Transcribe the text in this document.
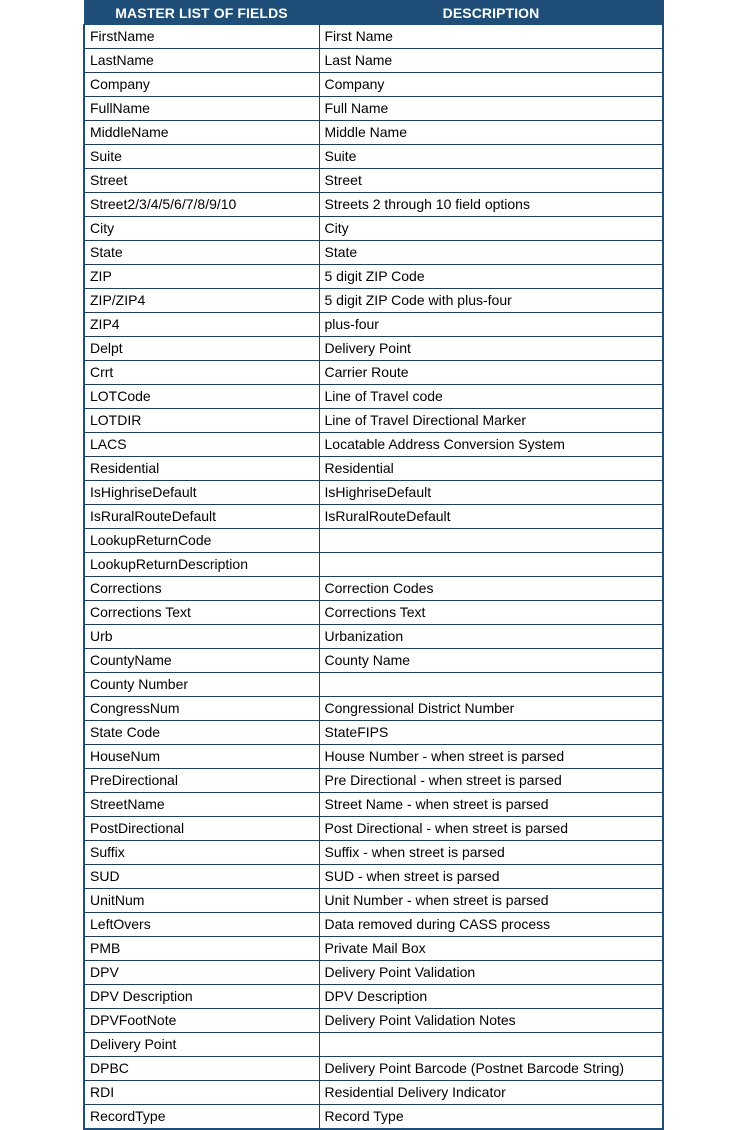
MASTER LIST OF FIELDS	DESCRIPTION
FirstName	First Name
LastName	Last Name
Company	Company
FullName	Full Name
MiddleName	Middle Name
Suite	Suite
Street	Street
Street2/3/4/5/6/7/8/9/10	Streets 2 through 10 field options
City	City
State	State
ZIP	5 digit ZIP Code
ZIP/ZIP4	5 digit ZIP Code with plus-four
ZIP4	plus-four
Delpt	Delivery Point
Crrt	Carrier Route
LOTCode	Line of Travel code
LOTDIR	Line of Travel Directional Marker
LACS	Locatable Address Conversion System
Residential	Residential
IsHighriseDefault	IsHighriseDefault
IsRuralRouteDefault	IsRuralRouteDefault
LookupReturnCode	
LookupReturnDescription	
Corrections	Correction Codes
Corrections Text	Corrections Text
Urb	Urbanization
CountyName	County Name
County Number	
CongressNum	Congressional District Number
State Code	StateFIPS
HouseNum	House Number - when street is parsed
PreDirectional	Pre Directional - when street is parsed
StreetName	Street Name - when street is parsed
PostDirectional	Post Directional - when street is parsed
Suffix	Suffix - when street is parsed
SUD	SUD - when street is parsed
UnitNum	Unit Number - when street is parsed
LeftOvers	Data removed during CASS process
PMB	Private Mail Box
DPV	Delivery Point Validation
DPV Description	DPV Description
DPVFootNote	Delivery Point Validation Notes
Delivery Point	
DPBC	Delivery Point Barcode (Postnet Barcode String)
RDI	Residential Delivery Indicator
RecordType	Record Type
